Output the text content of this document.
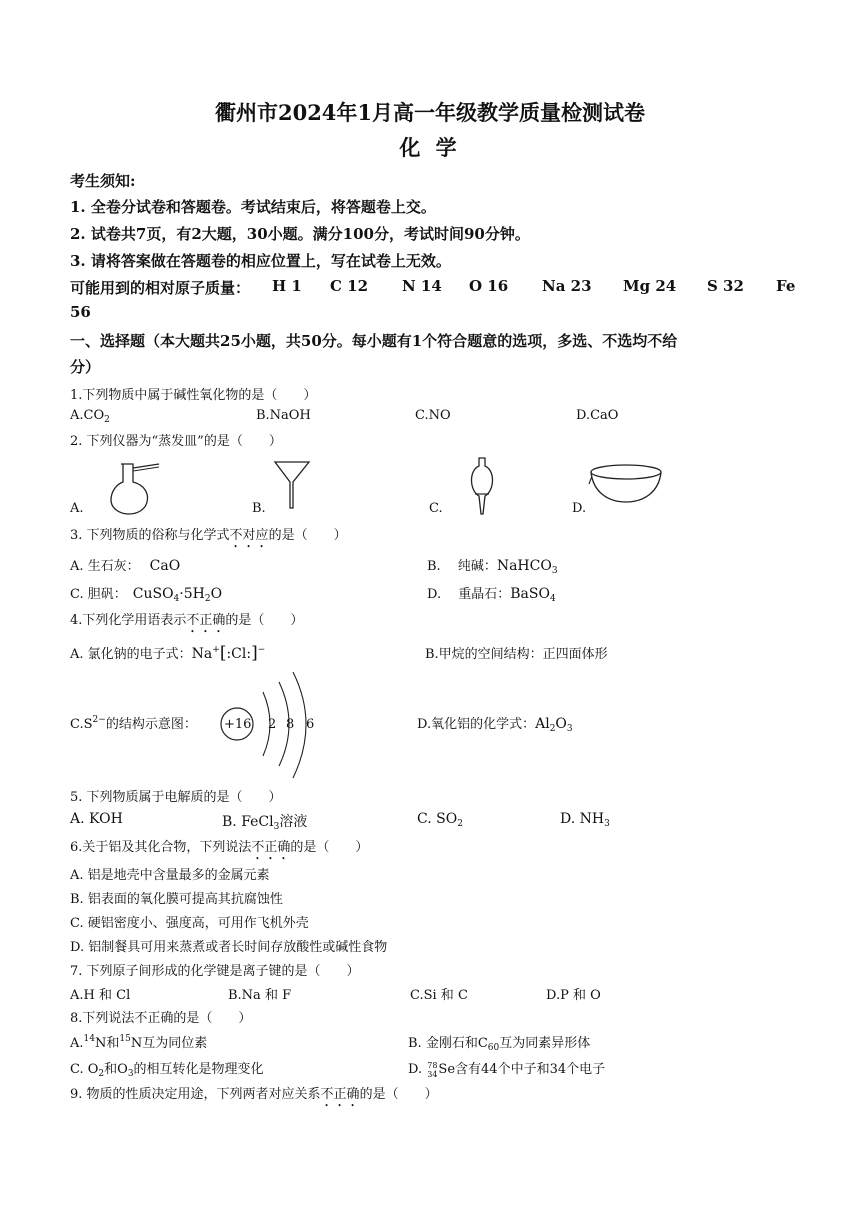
衢州市2024年1月高一年级教学质量检测试卷
化 学
考生须知:
1. 全卷分试卷和答题卷。考试结束后，将答题卷上交。
2. 试卷共7页，有2大题，30小题。满分100分，考试时间90分钟。
3. 请将答案做在答题卷的相应位置上，写在试卷上无效。
可能用到的相对原子质量： H 1 C 12 N 14 O 16 Na 23 Mg 24 S 32 Fe
56
一、选择题（本大题共25小题，共50分。每小题有1个符合题意的选项，多选、不选均不给
分）
1.下列物质中属于碱性氧化物的是（　　）
$A.CO_2$	B.NaOH	C.NO	D.CaO
2. 下列仪器为“蒸发皿”的是（　　）
A.	B.	C.	D.
3. 下列物质的俗称与化学式不对应的是（　　）
A. 生石灰： CaO	B.　 纯碱：NaHCO$_3$
C. 胆矾： $CuSO_4\cdot 5H_2O$	D.　 重晶石：BaSO$_4$
4.下列化学用语表示不正确的是（　　）
A. 氯化钠的电子式：Na+[:Cl:]−	B.甲烷的空间结构：正四面体形
$C.S^{2-}$的结构示意图： +16 2 8 6	D.氧化铝的化学式：$Al_2O_3$
5. 下列物质属于电解质的是（　　）
A. KOH	B. FeCl$_3$溶液	C. $SO_2$	D. $NH_3$
6.关于铝及其化合物，下列说法不正确的是（　　）
A. 铝是地壳中含量最多的金属元素
B. 铝表面的氧化膜可提高其抗腐蚀性
C. 硬铝密度小、强度高，可用作飞机外壳
D. 铝制餐具可用来蒸煮或者长时间存放酸性或碱性食物
7. 下列原子间形成的化学键是离子键的是（　　）
A.H 和 Cl	B.Na 和 F	C.Si 和 C	D.P 和 O
8.下列说法不正确的是（　　）
A.$^{14}$N和$^{15}$N互为同位素	B. 金刚石和$C_{60}$互为同素异形体
C. $O_2$和$O_3$的相互转化是物理变化	D. 78
34 Se含有44个中子和34个电子
9. 物质的性质决定用途，下列两者对应关系不正确的是（　　）
